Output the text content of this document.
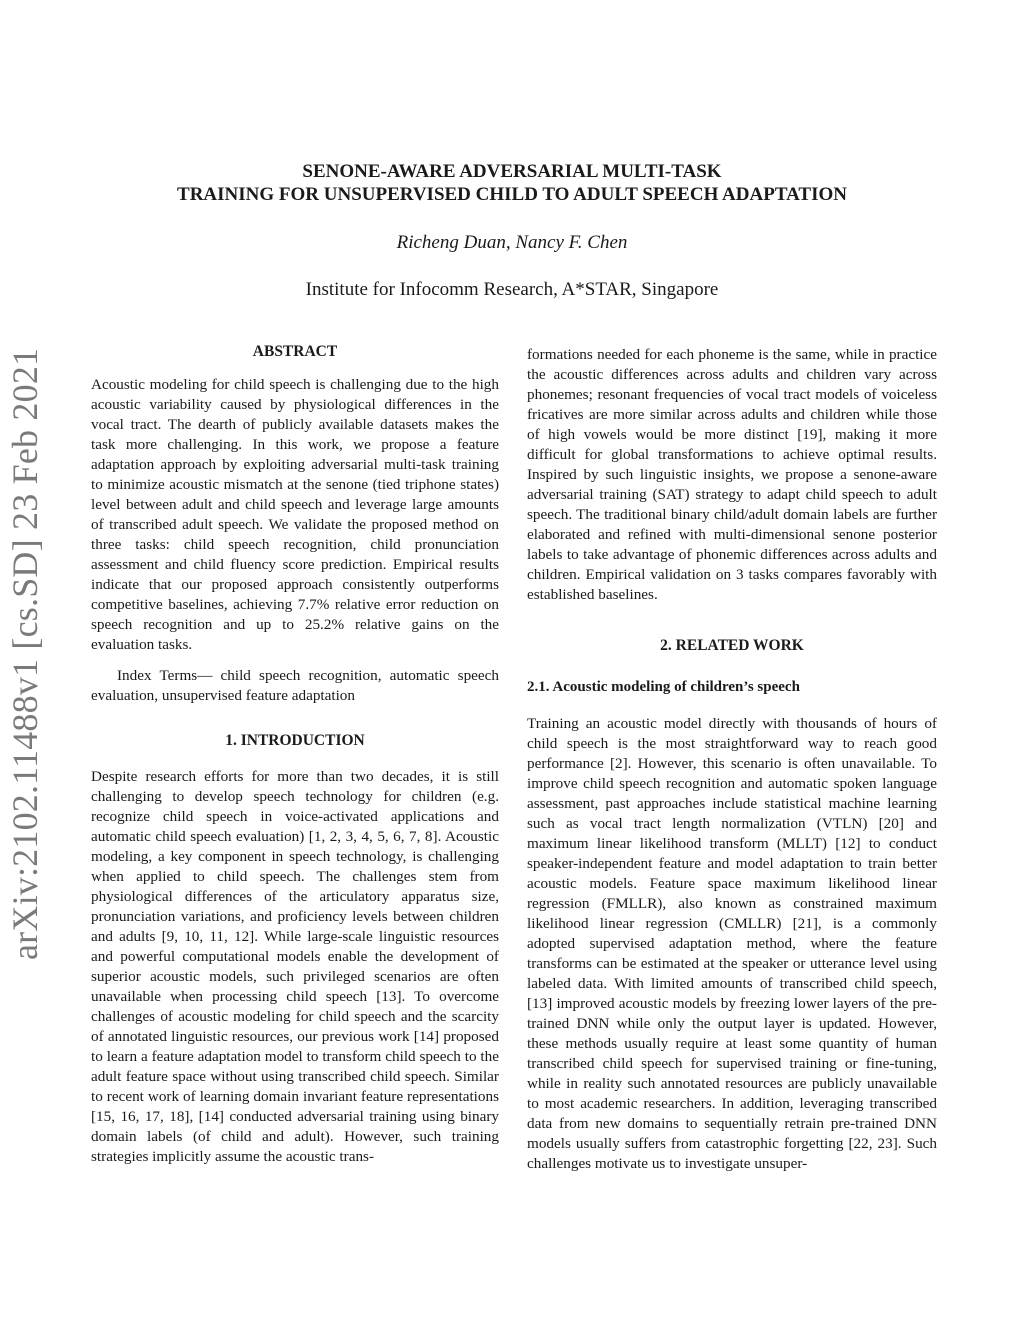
arXiv:2102.11488v1 [cs.SD] 23 Feb 2021
SENONE-AWARE ADVERSARIAL MULTI-TASK
TRAINING FOR UNSUPERVISED CHILD TO ADULT SPEECH ADAPTATION
Richeng Duan, Nancy F. Chen
Institute for Infocomm Research, A*STAR, Singapore
ABSTRACT

Acoustic modeling for child speech is challenging due to the high acoustic variability caused by physiological differences in the vocal tract. The dearth of publicly available datasets makes the task more challenging. In this work, we propose a feature adaptation approach by exploiting adversarial multi-task training to minimize acoustic mismatch at the senone (tied triphone states) level between adult and child speech and leverage large amounts of transcribed adult speech. We validate the proposed method on three tasks: child speech recognition, child pronunciation assessment and child fluency score prediction. Empirical results indicate that our proposed approach consistently outperforms competitive baselines, achieving 7.7% relative error reduction on speech recognition and up to 25.2% relative gains on the evaluation tasks.

Index Terms— child speech recognition, automatic speech evaluation, unsupervised feature adaptation

1. INTRODUCTION

Despite research efforts for more than two decades, it is still challenging to develop speech technology for children (e.g. recognize child speech in voice-activated applications and automatic child speech evaluation) [1, 2, 3, 4, 5, 6, 7, 8]. Acoustic modeling, a key component in speech technology, is challenging when applied to child speech. The challenges stem from physiological differences of the articulatory apparatus size, pronunciation variations, and proficiency levels between children and adults [9, 10, 11, 12]. While large-scale linguistic resources and powerful computational models enable the development of superior acoustic models, such privileged scenarios are often unavailable when processing child speech [13]. To overcome challenges of acoustic modeling for child speech and the scarcity of annotated linguistic resources, our previous work [14] proposed to learn a feature adaptation model to transform child speech to the adult feature space without using transcribed child speech. Similar to recent work of learning domain invariant feature representations [15, 16, 17, 18], [14] conducted adversarial training using binary domain labels (of child and adult). However, such training strategies implicitly assume the acoustic trans-

formations needed for each phoneme is the same, while in practice the acoustic differences across adults and children vary across phonemes; resonant frequencies of vocal tract models of voiceless fricatives are more similar across adults and children while those of high vowels would be more distinct [19], making it more difficult for global transformations to achieve optimal results. Inspired by such linguistic insights, we propose a senone-aware adversarial training (SAT) strategy to adapt child speech to adult speech. The traditional binary child/adult domain labels are further elaborated and refined with multi-dimensional senone posterior labels to take advantage of phonemic differences across adults and children. Empirical validation on 3 tasks compares favorably with established baselines.

2. RELATED WORK
2.1. Acoustic modeling of children’s speech

Training an acoustic model directly with thousands of hours of child speech is the most straightforward way to reach good performance [2]. However, this scenario is often unavailable. To improve child speech recognition and automatic spoken language assessment, past approaches include statistical machine learning such as vocal tract length normalization (VTLN) [20] and maximum linear likelihood transform (MLLT) [12] to conduct speaker-independent feature and model adaptation to train better acoustic models. Feature space maximum likelihood linear regression (FMLLR), also known as constrained maximum likelihood linear regression (CMLLR) [21], is a commonly adopted supervised adaptation method, where the feature transforms can be estimated at the speaker or utterance level using labeled data. With limited amounts of transcribed child speech, [13] improved acoustic models by freezing lower layers of the pre-trained DNN while only the output layer is updated. However, these methods usually require at least some quantity of human transcribed child speech for supervised training or fine-tuning, while in reality such annotated resources are publicly unavailable to most academic researchers. In addition, leveraging transcribed data from new domains to sequentially retrain pre-trained DNN models usually suffers from catastrophic forgetting [22, 23]. Such challenges motivate us to investigate unsuper-
